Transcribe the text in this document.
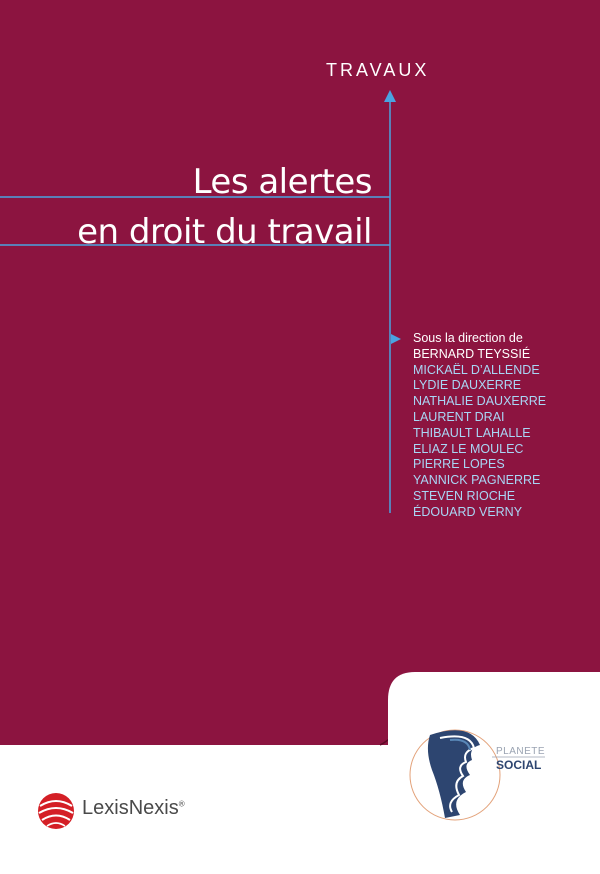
TRAVAUX
Les alertes
en droit du travail
Sous la direction de
BERNARD TEYSSIÉ
MICKAËL D’ALLENDE
LYDIE DAUXERRE
NATHALIE DAUXERRE
LAURENT DRAI
THIBAULT LAHALLE
ELIAZ LE MOULEC
PIERRE LOPES
YANNICK PAGNERRE
STEVEN RIOCHE
ÉDOUARD VERNY
LexisNexis®
PLANETE
SOCIAL
